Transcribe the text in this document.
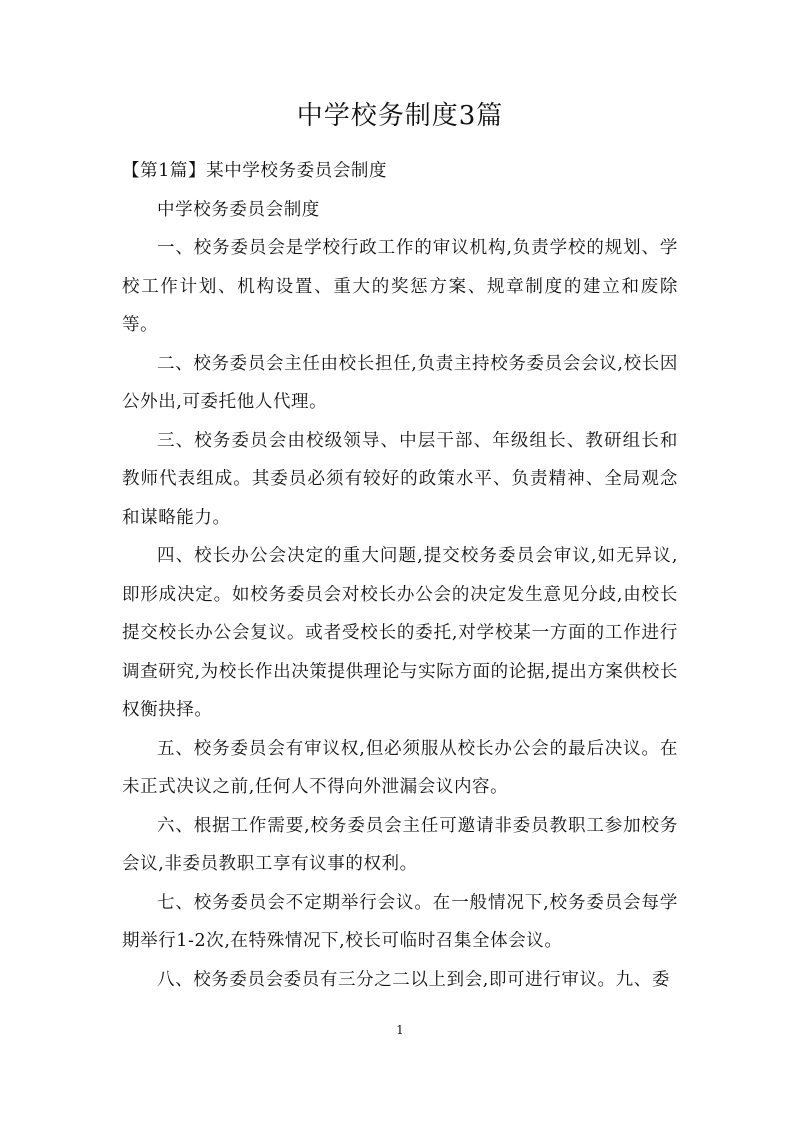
中学校务制度3篇

【第1篇】某中学校务委员会制度

中学校务委员会制度

一、校务委员会是学校行政工作的审议机构,负责学校的规划、学校工作计划、机构设置、重大的奖惩方案、规章制度的建立和废除等。

二、校务委员会主任由校长担任,负责主持校务委员会会议,校长因公外出,可委托他人代理。

三、校务委员会由校级领导、中层干部、年级组长、教研组长和教师代表组成。其委员必须有较好的政策水平、负责精神、全局观念和谋略能力。

四、校长办公会决定的重大问题,提交校务委员会审议,如无异议,即形成决定。如校务委员会对校长办公会的决定发生意见分歧,由校长提交校长办公会复议。或者受校长的委托,对学校某一方面的工作进行调查研究,为校长作出决策提供理论与实际方面的论据,提出方案供校长权衡抉择。

五、校务委员会有审议权,但必须服从校长办公会的最后决议。在未正式决议之前,任何人不得向外泄漏会议内容。

六、根据工作需要,校务委员会主任可邀请非委员教职工参加校务会议,非委员教职工享有议事的权利。

七、校务委员会不定期举行会议。在一般情况下,校务委员会每学期举行1-2次,在特殊情况下,校长可临时召集全体会议。

八、校务委员会委员有三分之二以上到会,即可进行审议。九、委

1
